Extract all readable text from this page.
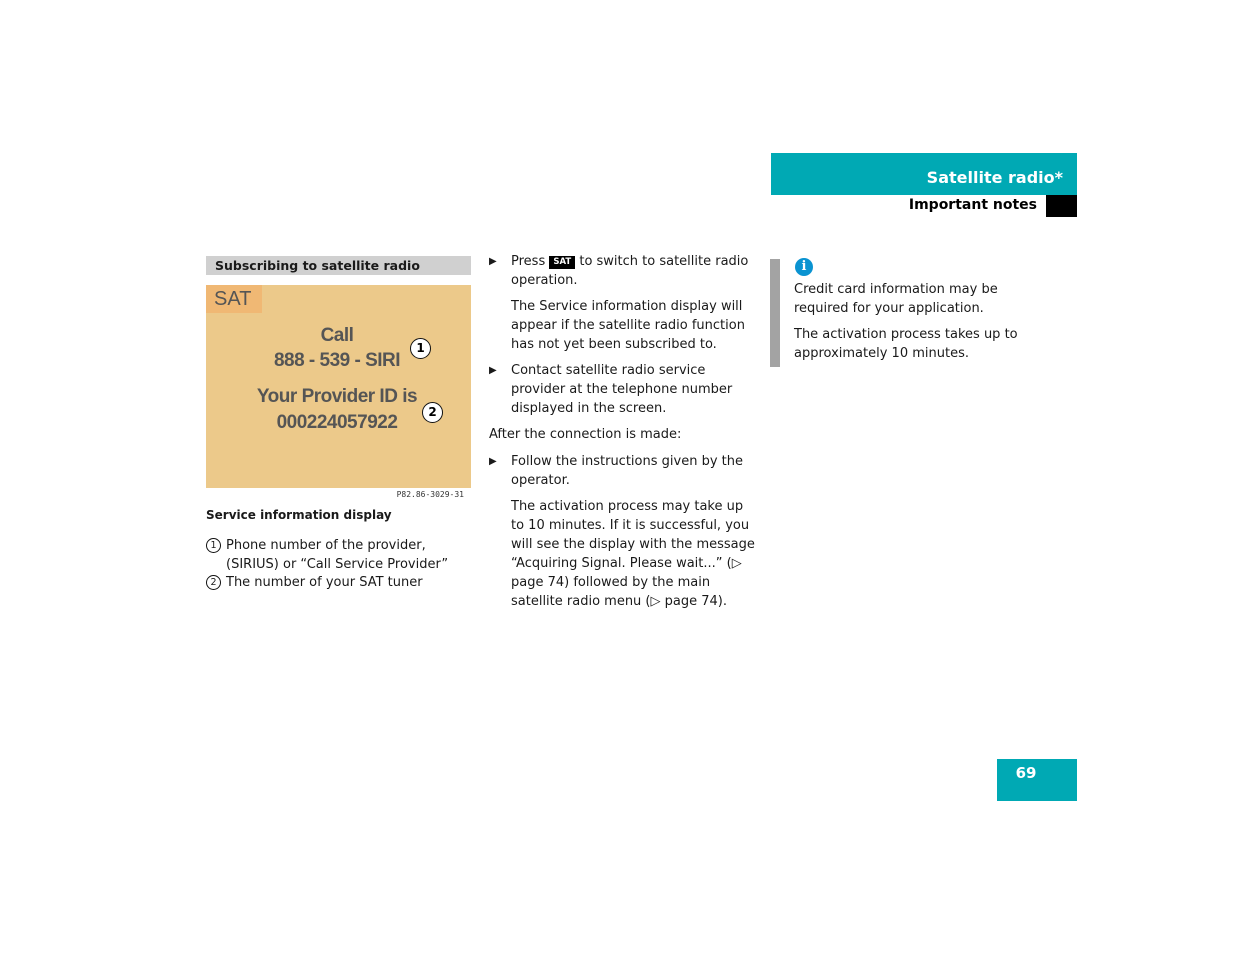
Satellite radio*
Important notes
Subscribing to satellite radio
SAT
Call
888 - 539 - SIRI
Your Provider ID is
000224057922
1
2
P82.86-3029-31
Service information display
1 Phone number of the provider, (SIRIUS) or “Call Service Provider”
2 The number of your SAT tuner
▶	Press SAT to switch to satellite radio operation.
The Service information display will appear if the satellite radio function has not yet been subscribed to.
▶	Contact satellite radio service provider at the telephone number displayed in the screen.
After the connection is made:
▶	Follow the instructions given by the operator.
The activation process may take up to 10 minutes. If it is successful, you will see the display with the message “Acquiring Signal. Please wait...” (▷ page 74) followed by the main satellite radio menu (▷ page 74).
i
Credit card information may be required for your application.
The activation process takes up to approximately 10 minutes.
69
